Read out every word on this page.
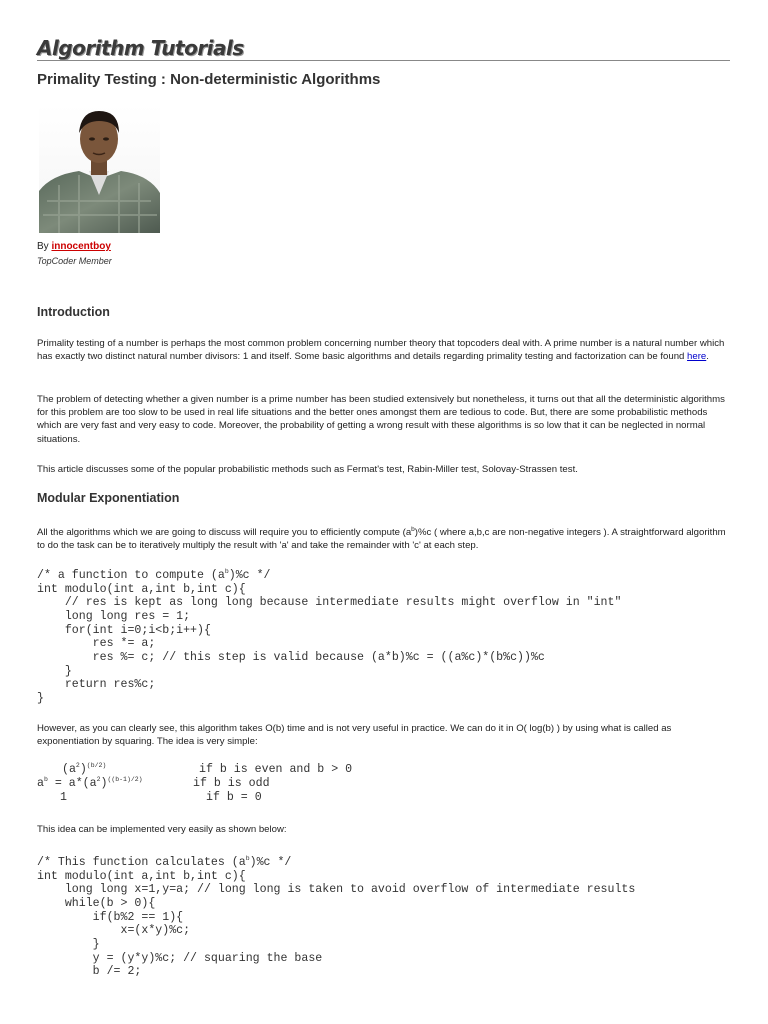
Algorithm Tutorials
Primality Testing : Non-deterministic Algorithms
By innocentboy
TopCoder Member
Introduction
Primality testing of a number is perhaps the most common problem concerning number theory that topcoders deal with. A prime number is a natural number which has exactly two distinct natural number divisors: 1 and itself. Some basic algorithms and details regarding primality testing and factorization can be found here.
The problem of detecting whether a given number is a prime number has been studied extensively but nonetheless, it turns out that all the deterministic algorithms for this problem are too slow to be used in real life situations and the better ones amongst them are tedious to code. But, there are some probabilistic methods which are very fast and very easy to code. Moreover, the probability of getting a wrong result with these algorithms is so low that it can be neglected in normal situations.
This article discusses some of the popular probabilistic methods such as Fermat's test, Rabin-Miller test, Solovay-Strassen test.
Modular Exponentiation
All the algorithms which we are going to discuss will require you to efficiently compute $(a^b)\%c$ ( where a,b,c are non-negative integers ). A straightforward algorithm to do the task can be to iteratively multiply the result with 'a' and take the remainder with 'c' at each step.
/* a function to compute $(a^b)\%c$ */
int modulo(int a,int b,int c){
// res is kept as long long because intermediate results might overflow in "int"
long long res = 1;
for(int i=0;i<b;i++){
res *= a;
res %= c; // this step is valid because (a*b)%c = ((a%c)*(b%c))%c
}
return res%c;
}
However, as you can clearly see, this algorithm takes O(b) time and is not very useful in practice. We can do it in O( log(b) ) by using what is called as exponentiation by squaring. The idea is very simple:
$(a^2)^{(b/2)}$	if b is even and b > 0
$a^b = a*(a^2)^{((b-1)/2)}$	if b is odd
1	if b = 0
This idea can be implemented very easily as shown below:
/* This function calculates $(a^b)\%c$ */
int modulo(int a,int b,int c){
long long x=1,y=a; // long long is taken to avoid overflow of intermediate results
while(b > 0){
if(b%2 == 1){
x=(x*y)%c;
}
y = (y*y)%c; // squaring the base
b /= 2;
